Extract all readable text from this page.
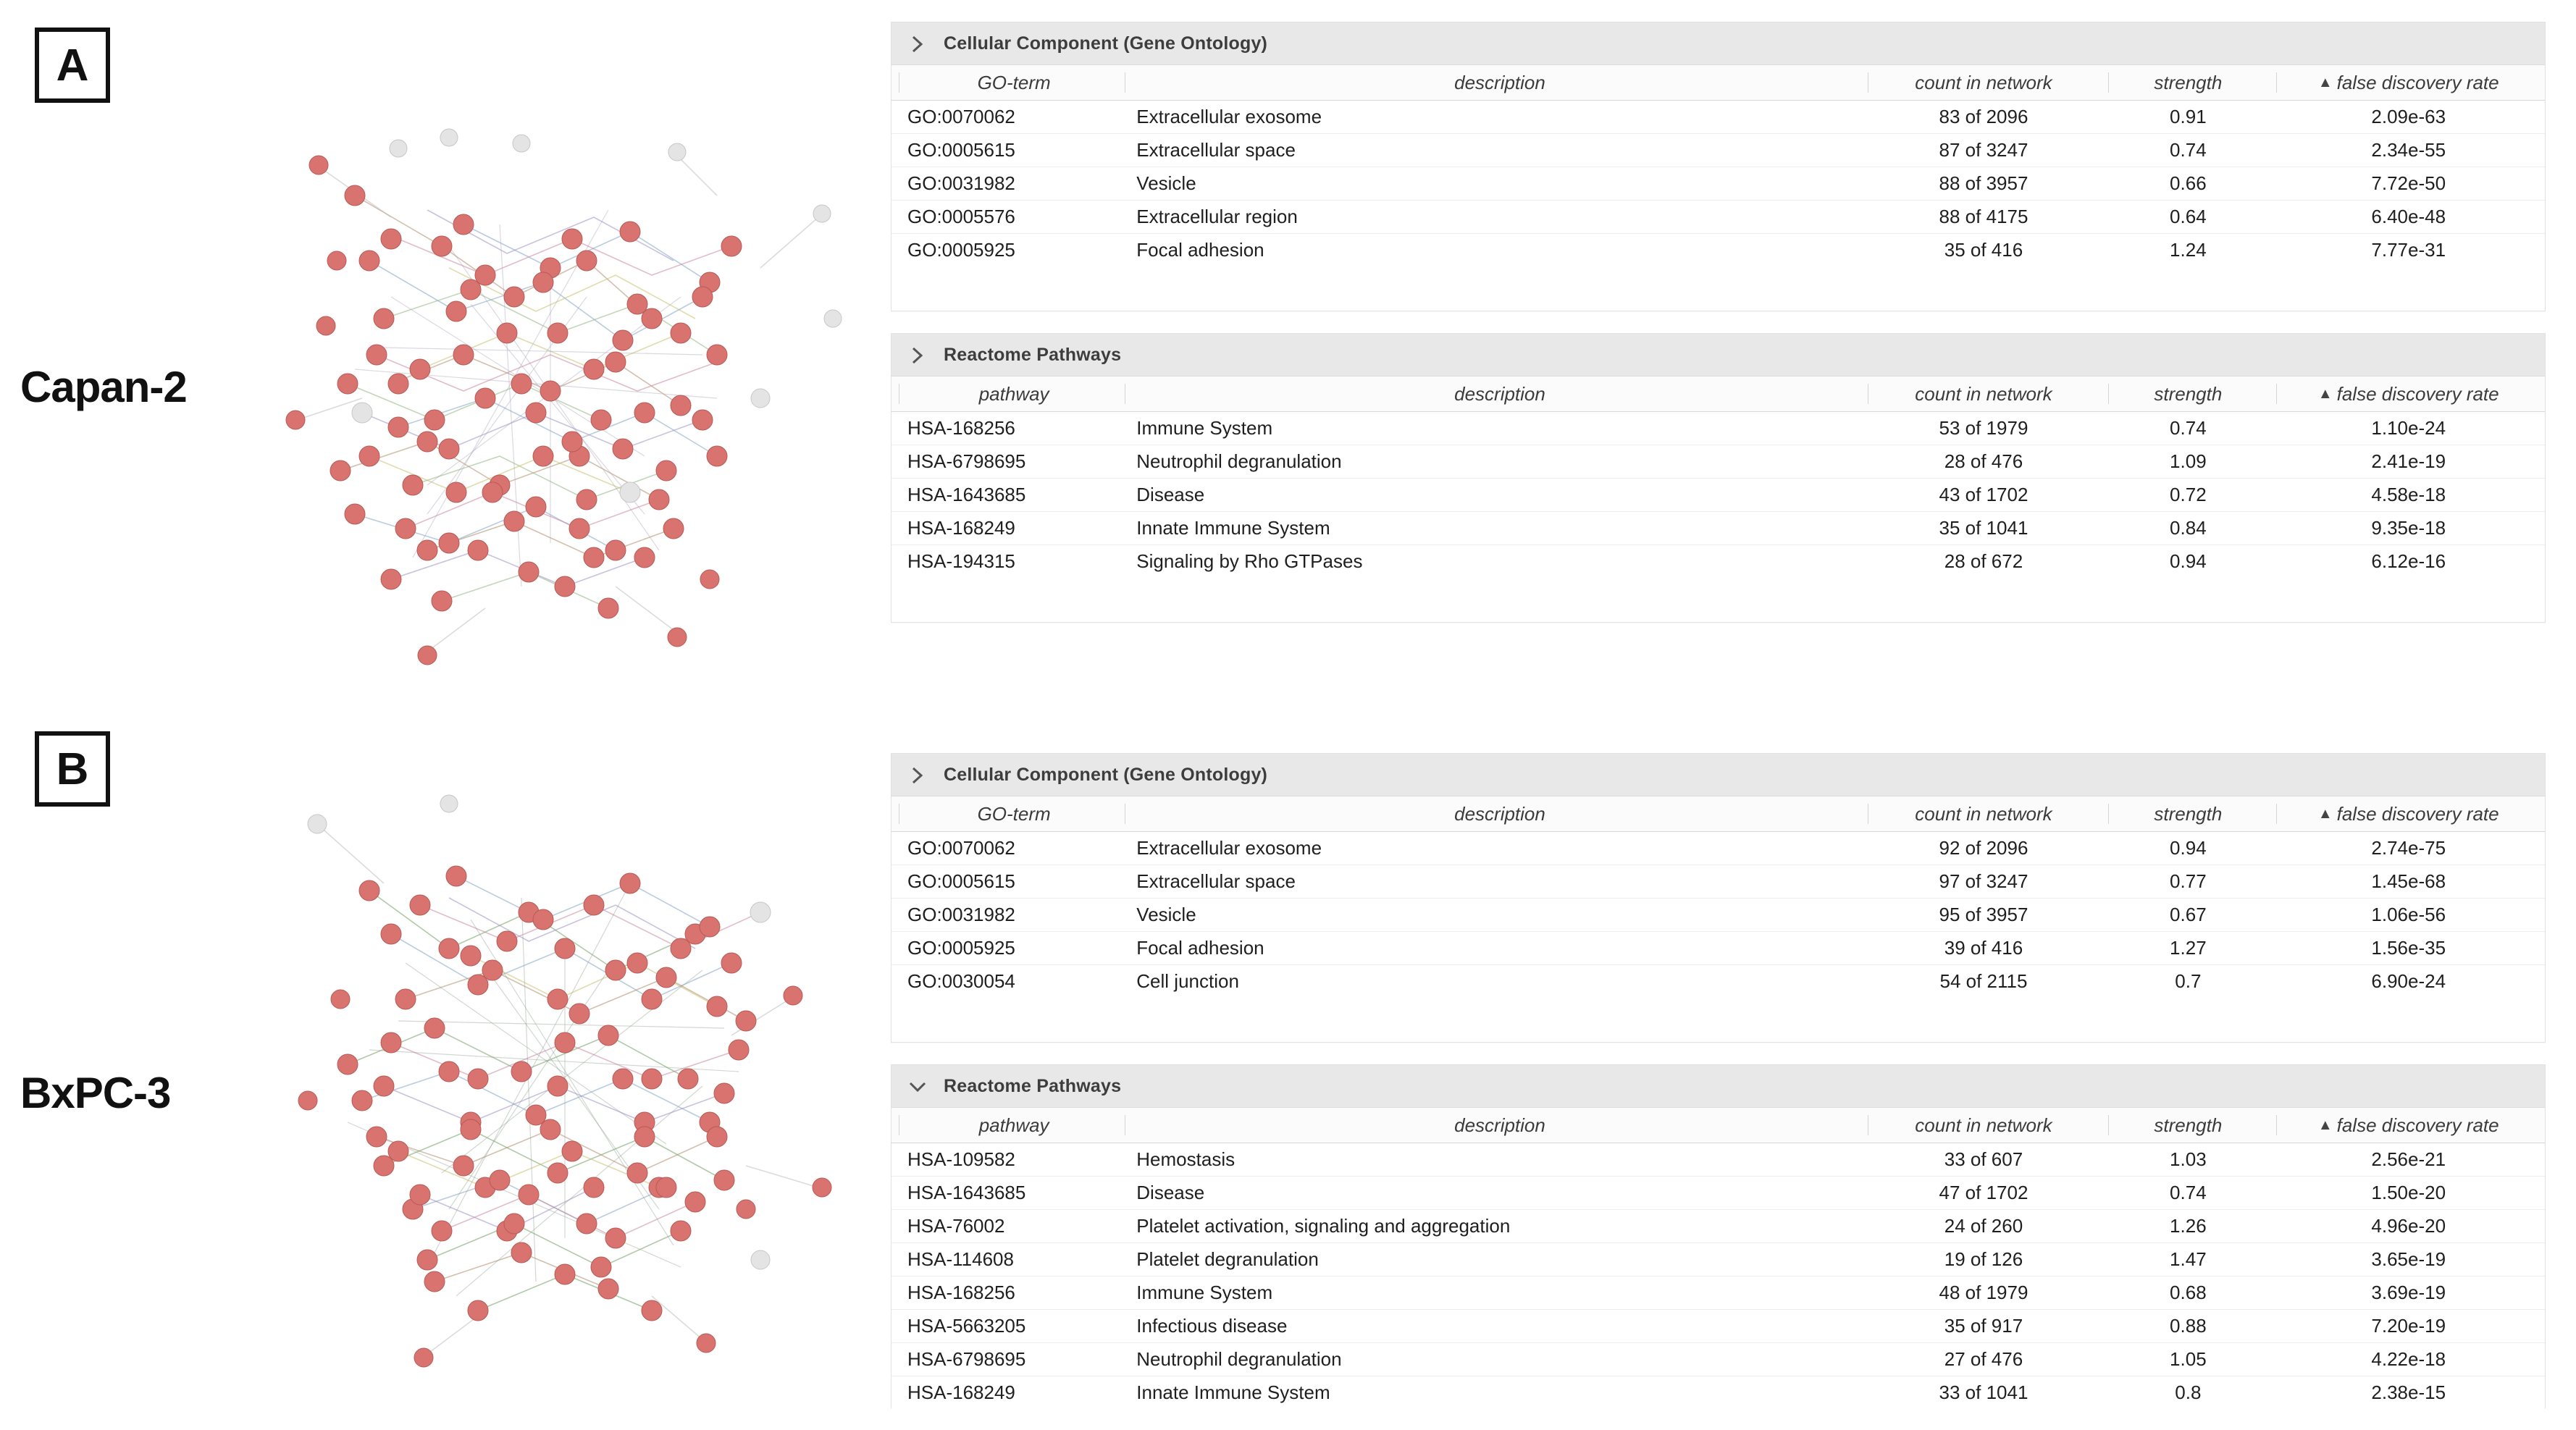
A
Capan-2
Cellular Component (Gene Ontology)
GO-term	description	count in network	strength	▲ false discovery rate
GO:0070062	Extracellular exosome	83 of 2096	0.91	2.09e-63
GO:0005615	Extracellular space	87 of 3247	0.74	2.34e-55
GO:0031982	Vesicle	88 of 3957	0.66	7.72e-50
GO:0005576	Extracellular region	88 of 4175	0.64	6.40e-48
GO:0005925	Focal adhesion	35 of 416	1.24	7.77e-31
Reactome Pathways
pathway	description	count in network	strength	▲ false discovery rate
HSA-168256	Immune System	53 of 1979	0.74	1.10e-24
HSA-6798695	Neutrophil degranulation	28 of 476	1.09	2.41e-19
HSA-1643685	Disease	43 of 1702	0.72	4.58e-18
HSA-168249	Innate Immune System	35 of 1041	0.84	9.35e-18
HSA-194315	Signaling by Rho GTPases	28 of 672	0.94	6.12e-16
B
BxPC-3
Cellular Component (Gene Ontology)
GO-term	description	count in network	strength	▲ false discovery rate
GO:0070062	Extracellular exosome	92 of 2096	0.94	2.74e-75
GO:0005615	Extracellular space	97 of 3247	0.77	1.45e-68
GO:0031982	Vesicle	95 of 3957	0.67	1.06e-56
GO:0005925	Focal adhesion	39 of 416	1.27	1.56e-35
GO:0030054	Cell junction	54 of 2115	0.7	6.90e-24
Reactome Pathways
pathway	description	count in network	strength	▲ false discovery rate
HSA-109582	Hemostasis	33 of 607	1.03	2.56e-21
HSA-1643685	Disease	47 of 1702	0.74	1.50e-20
HSA-76002	Platelet activation, signaling and aggregation	24 of 260	1.26	4.96e-20
HSA-114608	Platelet degranulation	19 of 126	1.47	3.65e-19
HSA-168256	Immune System	48 of 1979	0.68	3.69e-19
HSA-5663205	Infectious disease	35 of 917	0.88	7.20e-19
HSA-6798695	Neutrophil degranulation	27 of 476	1.05	4.22e-18
HSA-168249	Innate Immune System	33 of 1041	0.8	2.38e-15
